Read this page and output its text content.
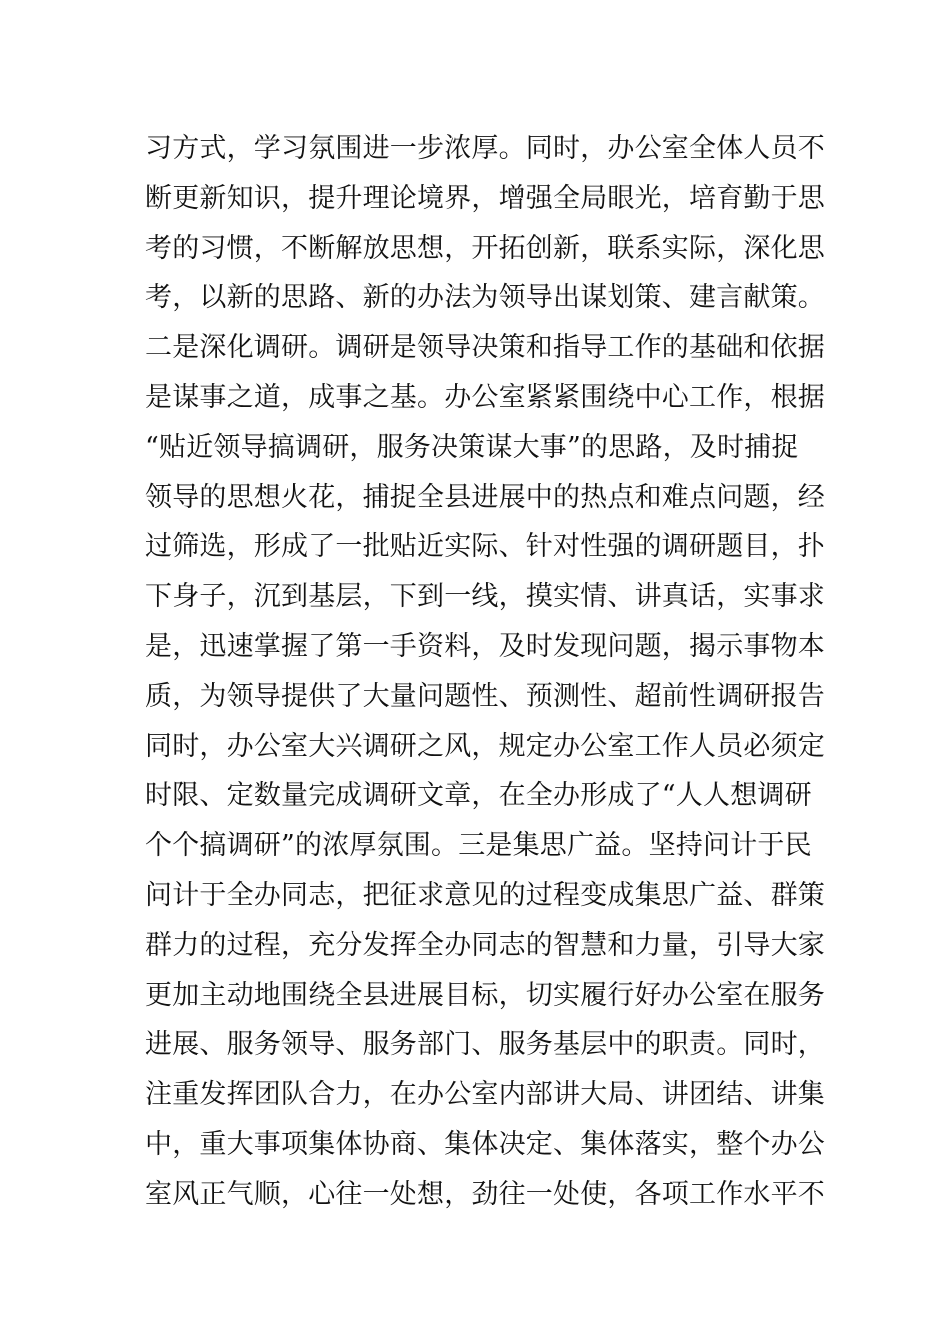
习方式，学习氛围进一步浓厚。同时，办公室全体人员不
断更新知识，提升理论境界，增强全局眼光，培育勤于思
考的习惯，不断解放思想，开拓创新，联系实际，深化思
考，以新的思路、新的办法为领导出谋划策、建言献策。
二是深化调研。调研是领导决策和指导工作的基础和依据
是谋事之道，成事之基。办公室紧紧围绕中心工作，根据
“贴近领导搞调研，服务决策谋大事”的思路，及时捕捉
领导的思想火花，捕捉全县进展中的热点和难点问题，经
过筛选，形成了一批贴近实际、针对性强的调研题目，扑
下身子，沉到基层，下到一线，摸实情、讲真话，实事求
是，迅速掌握了第一手资料，及时发现问题，揭示事物本
质，为领导提供了大量问题性、预测性、超前性调研报告
同时，办公室大兴调研之风，规定办公室工作人员必须定
时限、定数量完成调研文章，在全办形成了“人人想调研
个个搞调研”的浓厚氛围。三是集思广益。坚持问计于民
问计于全办同志，把征求意见的过程变成集思广益、群策
群力的过程，充分发挥全办同志的智慧和力量，引导大家
更加主动地围绕全县进展目标，切实履行好办公室在服务
进展、服务领导、服务部门、服务基层中的职责。同时，
注重发挥团队合力，在办公室内部讲大局、讲团结、讲集
中，重大事项集体协商、集体决定、集体落实，整个办公
室风正气顺，心往一处想，劲往一处使，各项工作水平不
